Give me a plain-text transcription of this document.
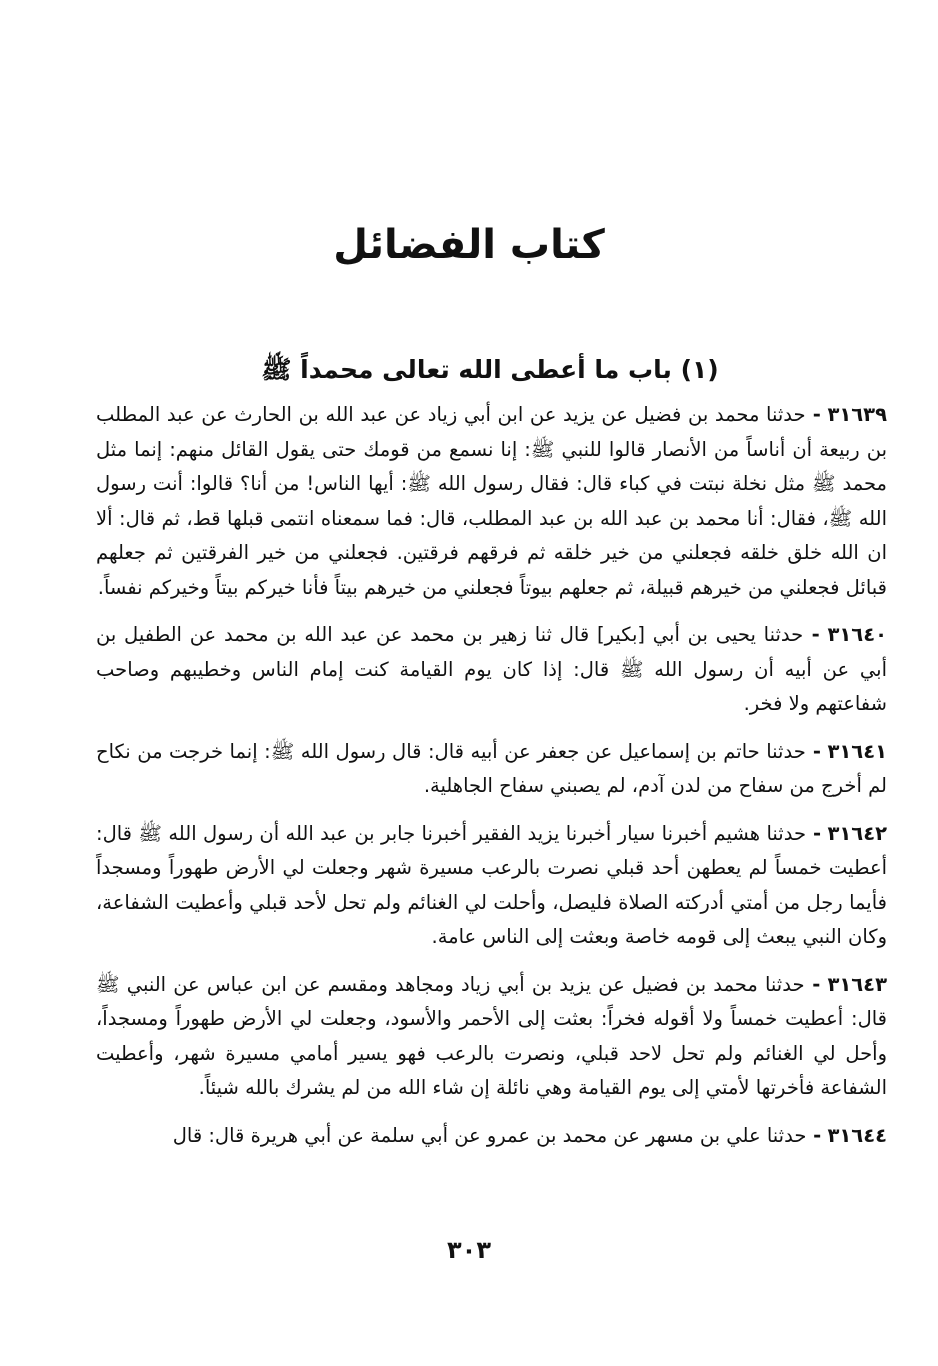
كتاب الفضائل
(١) باب ما أعطى الله تعالى محمداً ﷺ

٣١٦٣٩ - حدثنا محمد بن فضيل عن يزيد عن ابن أبي زياد عن عبد الله بن الحارث عن عبد المطلب بن ربيعة أن أناساً من الأنصار قالوا للنبي ﷺ: إنا نسمع من قومك حتى يقول القائل منهم: إنما مثل محمد ﷺ مثل نخلة نبتت في كباء قال: فقال رسول الله ﷺ: أيها الناس! من أنا؟ قالوا: أنت رسول الله ﷺ، فقال: أنا محمد بن عبد الله بن عبد المطلب، قال: فما سمعناه انتمى قبلها قط، ثم قال: ألا ان الله خلق خلقه فجعلني من خير خلقه ثم فرقهم فرقتين. فجعلني من خير الفرقتين ثم جعلهم قبائل فجعلني من خيرهم قبيلة، ثم جعلهم بيوتاً فجعلني من خيرهم بيتاً فأنا خيركم بيتاً وخيركم نفساً.

٣١٦٤٠ - حدثنا يحيى بن أبي [بكير] قال ثنا زهير بن محمد عن عبد الله بن محمد عن الطفيل بن أبي عن أبيه أن رسول الله ﷺ قال: إذا كان يوم القيامة كنت إمام الناس وخطيبهم وصاحب شفاعتهم ولا فخر.

٣١٦٤١ - حدثنا حاتم بن إسماعيل عن جعفر عن أبيه قال: قال رسول الله ﷺ: إنما خرجت من نكاح لم أخرج من سفاح من لدن آدم، لم يصبني سفاح الجاهلية.

٣١٦٤٢ - حدثنا هشيم أخبرنا سيار أخبرنا يزيد الفقير أخبرنا جابر بن عبد الله أن رسول الله ﷺ قال: أعطيت خمساً لم يعطهن أحد قبلي نصرت بالرعب مسيرة شهر وجعلت لي الأرض طهوراً ومسجداً فأيما رجل من أمتي أدركته الصلاة فليصل، وأحلت لي الغنائم ولم تحل لأحد قبلي وأعطيت الشفاعة، وكان النبي يبعث إلى قومه خاصة وبعثت إلى الناس عامة.

٣١٦٤٣ - حدثنا محمد بن فضيل عن يزيد بن أبي زياد ومجاهد ومقسم عن ابن عباس عن النبي ﷺ قال: أعطيت خمساً ولا أقوله فخراً: بعثت إلى الأحمر والأسود، وجعلت لي الأرض طهوراً ومسجداً، وأحل لي الغنائم ولم تحل لاحد قبلي، ونصرت بالرعب فهو يسير أمامي مسيرة شهر، وأعطيت الشفاعة فأخرتها لأمتي إلى يوم القيامة وهي نائلة إن شاء الله من لم يشرك بالله شيئاً.

٣١٦٤٤ - حدثنا علي بن مسهر عن محمد بن عمرو عن أبي سلمة عن أبي هريرة قال: قال

٣٠٣
